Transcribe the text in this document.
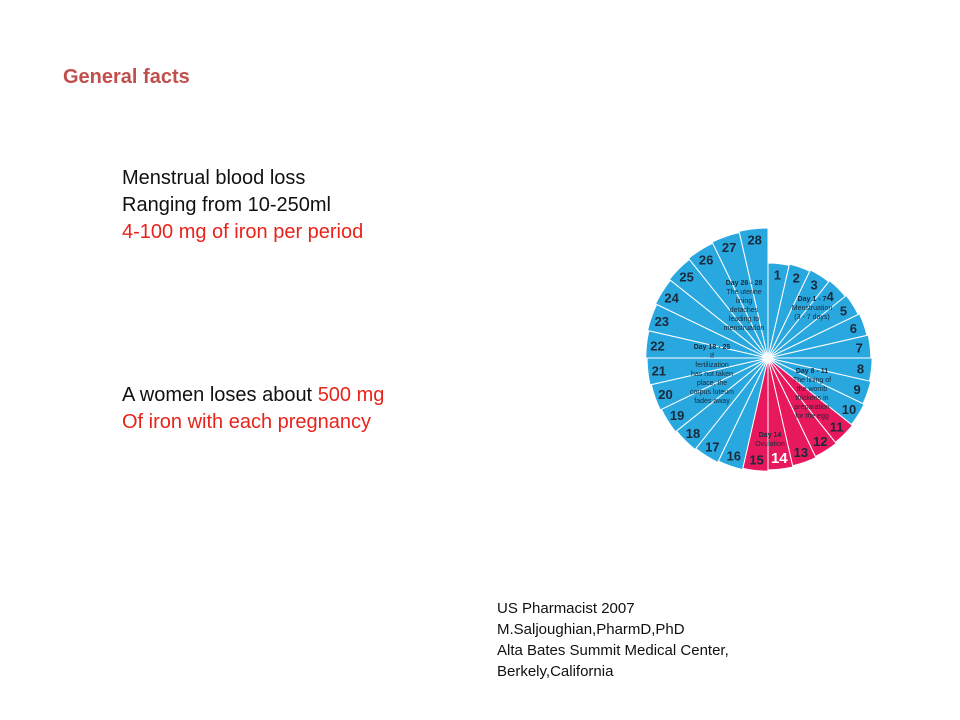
General facts
Menstrual blood loss
Ranging from 10-250ml
4-100 mg of iron per period
A women loses about 500 mg
Of iron with each pregnancy
1 2 3
4
5
6
7
8
9
10
11
12
13
14
15
16
17
18
19
20
21
22
23
24
25
26
27 28
Day 1 - 7 Menstruation (3 - 7 days)
Day 8 - 11 The lining of the womb thickens in preparation for the egg
Day 14 Ovulation
Day 18 - 25 If fertilization has not taken place, the corpus luteum fades away
Day 26 - 28 The uterine lining detaches leading to menstruation
US Pharmacist 2007
M.Saljoughian,PharmD,PhD
Alta Bates Summit Medical Center,
Berkely,California
